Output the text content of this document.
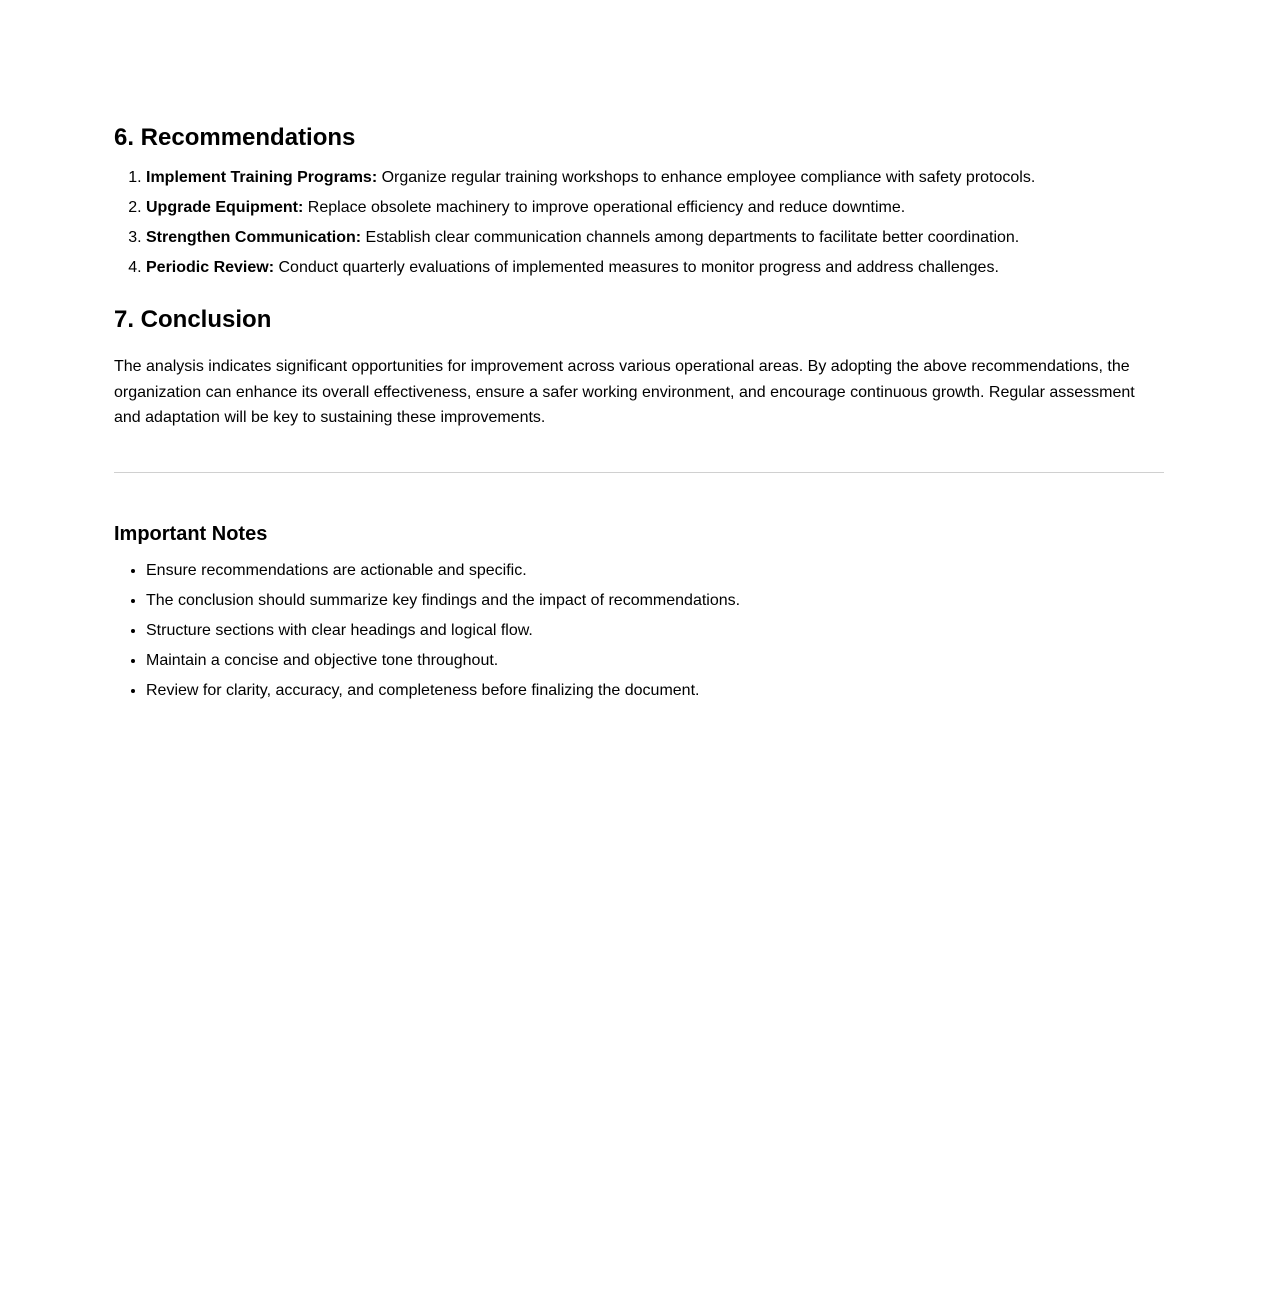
6. Recommendations
1. Implement Training Programs: Organize regular training workshops to enhance employee compliance with safety protocols.
2. Upgrade Equipment: Replace obsolete machinery to improve operational efficiency and reduce downtime.
3. Strengthen Communication: Establish clear communication channels among departments to facilitate better coordination.
4. Periodic Review: Conduct quarterly evaluations of implemented measures to monitor progress and address challenges.
7. Conclusion

The analysis indicates significant opportunities for improvement across various operational areas. By adopting the above recommendations, the organization can enhance its overall effectiveness, ensure a safer working environment, and encourage continuous growth. Regular assessment and adaptation will be key to sustaining these improvements.

Important Notes
• Ensure recommendations are actionable and specific.
• The conclusion should summarize key findings and the impact of recommendations.
• Structure sections with clear headings and logical flow.
• Maintain a concise and objective tone throughout.
• Review for clarity, accuracy, and completeness before finalizing the document.
